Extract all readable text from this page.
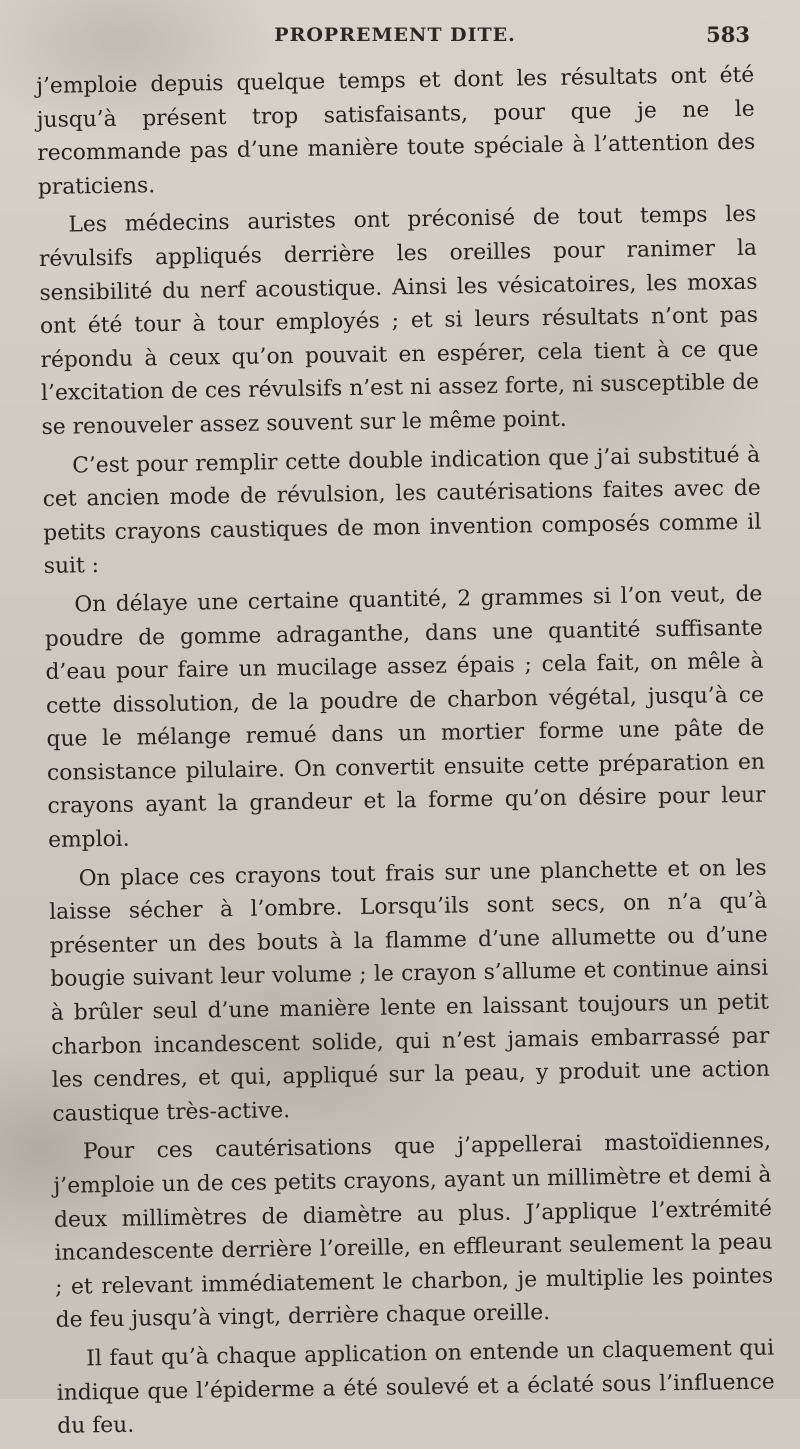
PROPREMENT DITE.	583

j’emploie depuis quelque temps et dont les résultats ont été jusqu’à présent trop satisfaisants, pour que je ne le recommande pas d’une manière toute spéciale à l’attention des praticiens.

Les médecins auristes ont préconisé de tout temps les révulsifs appliqués derrière les oreilles pour ranimer la sensibilité du nerf acoustique. Ainsi les vésicatoires, les moxas ont été tour à tour employés ; et si leurs résultats n’ont pas répondu à ceux qu’on pouvait en espérer, cela tient à ce que l’excitation de ces révulsifs n’est ni assez forte, ni susceptible de se renouveler assez souvent sur le même point.

C’est pour remplir cette double indication que j’ai substitué à cet ancien mode de révulsion, les cautérisations faites avec de petits crayons caustiques de mon invention composés comme il suit :

On délaye une certaine quantité, 2 grammes si l’on veut, de poudre de gomme adraganthe, dans une quantité suffisante d’eau pour faire un mucilage assez épais ; cela fait, on mêle à cette dissolution, de la poudre de charbon végétal, jusqu’à ce que le mélange remué dans un mortier forme une pâte de consistance pilulaire. On convertit ensuite cette préparation en crayons ayant la grandeur et la forme qu’on désire pour leur emploi.

On place ces crayons tout frais sur une planchette et on les laisse sécher à l’ombre. Lorsqu’ils sont secs, on n’a qu’à présenter un des bouts à la flamme d’une allumette ou d’une bougie suivant leur volume ; le crayon s’allume et continue ainsi à brûler seul d’une manière lente en laissant toujours un petit charbon incandescent solide, qui n’est jamais embarrassé par les cendres, et qui, appliqué sur la peau, y produit une action caustique très-active.

Pour ces cautérisations que j’appellerai mastoïdiennes, j’emploie un de ces petits crayons, ayant un millimètre et demi à deux millimètres de diamètre au plus. J’applique l’extrémité incandescente derrière l’oreille, en effleurant seulement la peau ; et relevant immédiatement le charbon, je multiplie les pointes de feu jusqu’à vingt, derrière chaque oreille.

Il faut qu’à chaque application on entende un claquement qui indique que l’épiderme a été soulevé et a éclaté sous l’influence du feu.
